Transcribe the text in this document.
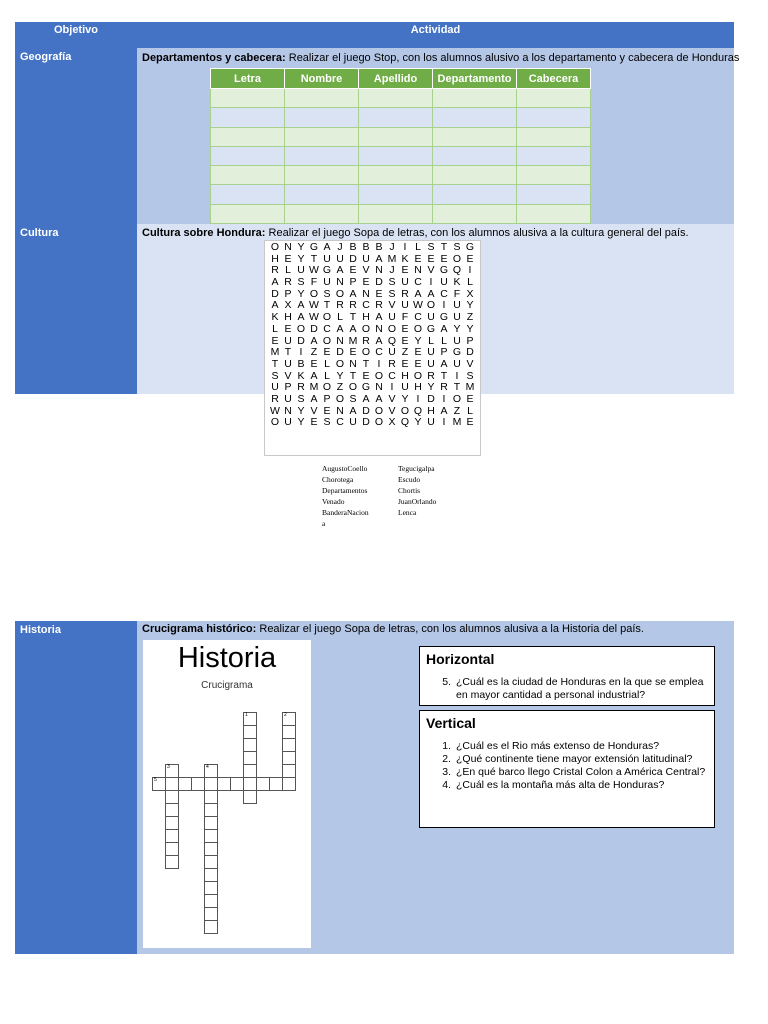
Objetivo	Actividad
Geografía	Departamentos y cabecera: Realizar el juego Stop, con los alumnos alusivo a los departamento y cabecera de Honduras
Letra	Nombre	Apellido	Departamento	Cabecera

Cultura	Cultura sobre Hondura: Realizar el juego Sopa de letras, con los alumnos alusiva a la cultura general del país.
O N Y G A J B B B J I L S T S G
H E Y T U U D U A M K E E E O E
R L U W G A E V N J E N V G Q I
A R S F U N P E D S U C I U K L
D P Y O S O A N E S R A A C F X
A X A W T R R C R V U W O I U Y
K H A W O L T H A U F C U G U Z
L E O D C A A O N O E O G A Y Y
E U D A O N M R A Q E Y L L U P
M T I Z E D E O C U Z E U P G D
T U B E L O N T I R E E U A U V
S V K A L Y T E O C H O R T I S
U P R M O Z O G N I U H Y R T M
R U S A P O S A A V Y I D I O E
W N Y V E N A D O V O Q H A Z L
O U Y E S C U D O X Q Y U I M E
AugustoCoello
Chorotega
Departamentos
Venado
BanderaNacion
a
Tegucigalpa
Escudo
Chortis
JuanOrlando
Lenca
Historia	Crucigrama histórico: Realizar el juego Sopa de letras, con los alumnos alusiva a la Historia del país.
Historia
Crucigrama
1	2
3	4
5
Horizontal
5. ¿Cuál es la ciudad de Honduras en la que se emplea en mayor cantidad a personal industrial?
Vertical
1. ¿Cuál es el Rio más extenso de Honduras?
2. ¿Qué continente tiene mayor extensión latitudinal?
3. ¿En qué barco llego Cristal Colon a América Central?
4. ¿Cuál es la montaña más alta de Honduras?
